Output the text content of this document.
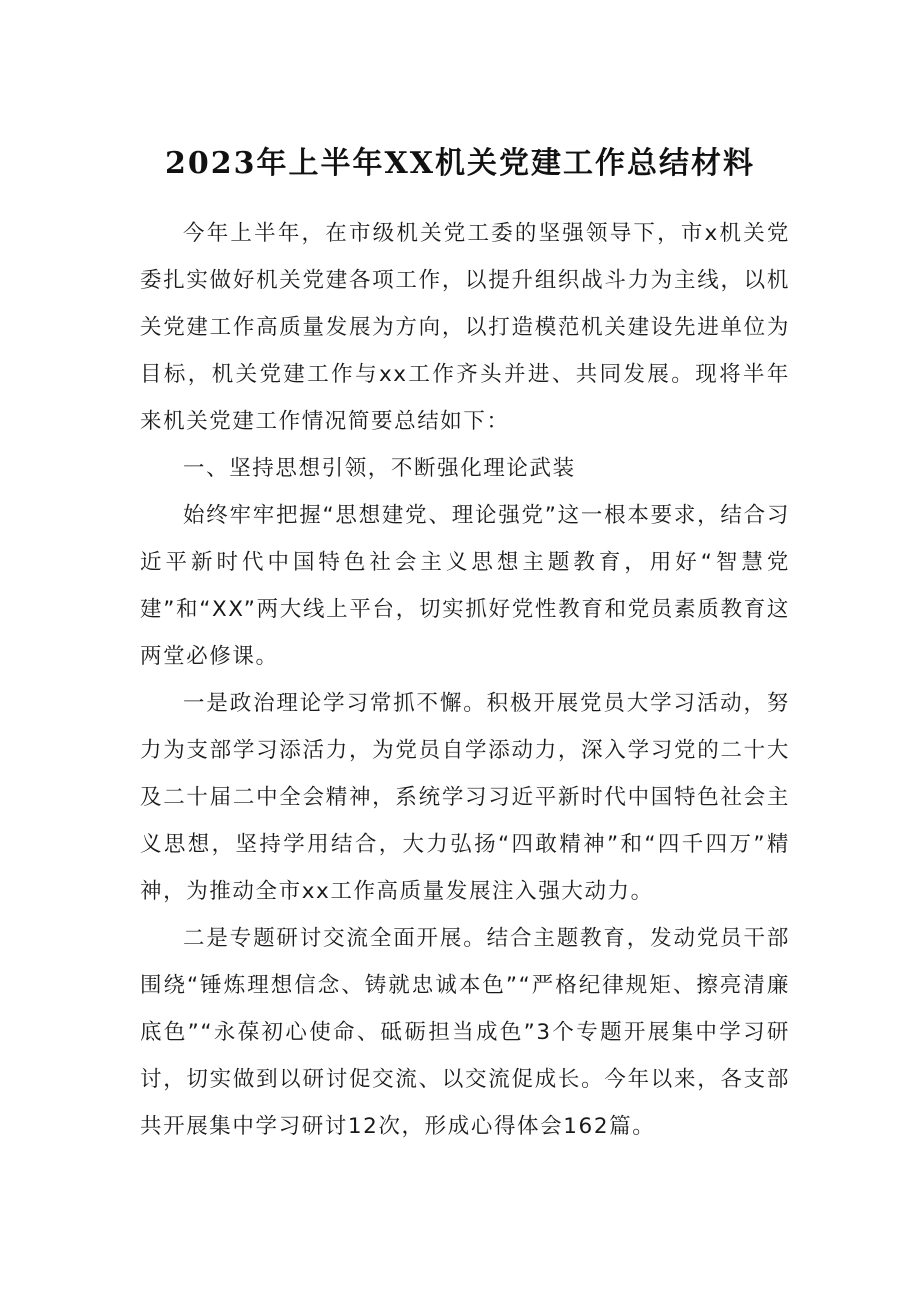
2023年上半年XX机关党建工作总结材料

今年上半年，在市级机关党工委的坚强领导下，市x机关党委扎实做好机关党建各项工作，以提升组织战斗力为主线，以机关党建工作高质量发展为方向，以打造模范机关建设先进单位为目标，机关党建工作与xx工作齐头并进、共同发展。现将半年来机关党建工作情况简要总结如下：

一、坚持思想引领，不断强化理论武装

始终牢牢把握“思想建党、理论强党”这一根本要求，结合习近平新时代中国特色社会主义思想主题教育，用好“智慧党建”和“XX”两大线上平台，切实抓好党性教育和党员素质教育这两堂必修课。

一是政治理论学习常抓不懈。积极开展党员大学习活动，努力为支部学习添活力，为党员自学添动力，深入学习党的二十大及二十届二中全会精神，系统学习习近平新时代中国特色社会主义思想，坚持学用结合，大力弘扬“四敢精神”和“四千四万”精神，为推动全市xx工作高质量发展注入强大动力。

二是专题研讨交流全面开展。结合主题教育，发动党员干部围绕“锤炼理想信念、铸就忠诚本色”“严格纪律规矩、擦亮清廉底色”“永葆初心使命、砥砺担当成色”3个专题开展集中学习研讨，切实做到以研讨促交流、以交流促成长。今年以来，各支部共开展集中学习研讨12次，形成心得体会162篇。
